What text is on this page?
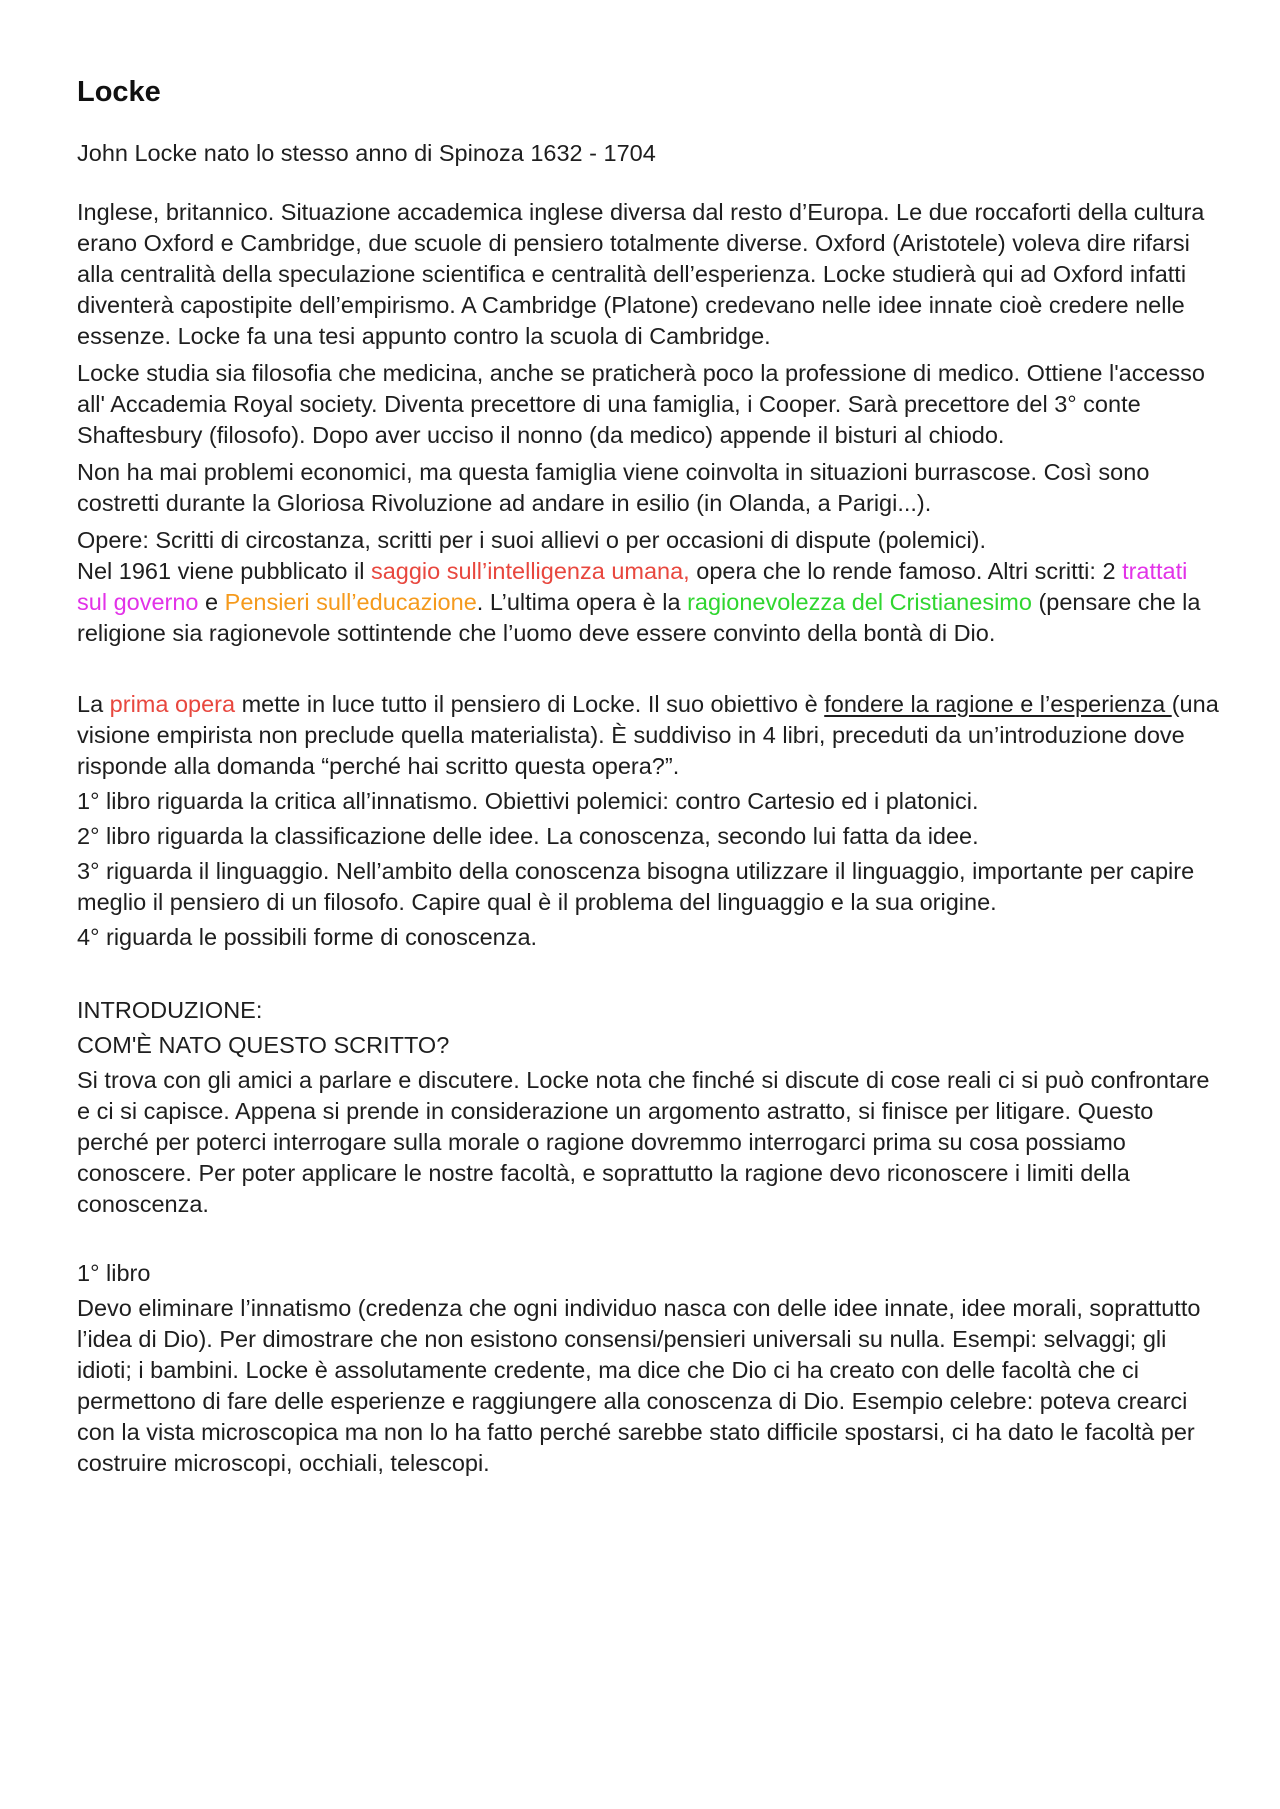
Locke

John Locke nato lo stesso anno di Spinoza 1632 - 1704

Inglese, britannico. Situazione accademica inglese diversa dal resto d’Europa. Le due roccaforti della cultura erano Oxford e Cambridge, due scuole di pensiero totalmente diverse. Oxford (Aristotele) voleva dire rifarsi alla centralità della speculazione scientifica e centralità dell’esperienza. Locke studierà qui ad Oxford infatti diventerà capostipite dell’empirismo. A Cambridge (Platone) credevano nelle idee innate cioè credere nelle essenze. Locke fa una tesi appunto contro la scuola di Cambridge.

Locke studia sia filosofia che medicina, anche se praticherà poco la professione di medico. Ottiene l'accesso all' Accademia Royal society. Diventa precettore di una famiglia, i Cooper. Sarà precettore del 3° conte Shaftesbury (filosofo). Dopo aver ucciso il nonno (da medico) appende il bisturi al chiodo.

Non ha mai problemi economici, ma questa famiglia viene coinvolta in situazioni burrascose. Così sono costretti durante la Gloriosa Rivoluzione ad andare in esilio (in Olanda, a Parigi...).

Opere: Scritti di circostanza, scritti per i suoi allievi o per occasioni di dispute (polemici).
Nel 1961 viene pubblicato il saggio sull’intelligenza umana, opera che lo rende famoso. Altri scritti: 2 trattati sul governo e Pensieri sull’educazione. L’ultima opera è la ragionevolezza del Cristianesimo (pensare che la religione sia ragionevole sottintende che l’uomo deve essere convinto della bontà di Dio.

La prima opera mette in luce tutto il pensiero di Locke. Il suo obiettivo è fondere la ragione e l’esperienza (una visione empirista non preclude quella materialista). È suddiviso in 4 libri, preceduti da un’introduzione dove risponde alla domanda “perché hai scritto questa opera?”.

1° libro riguarda la critica all’innatismo. Obiettivi polemici: contro Cartesio ed i platonici.

2° libro riguarda la classificazione delle idee. La conoscenza, secondo lui fatta da idee.

3° riguarda il linguaggio. Nell’ambito della conoscenza bisogna utilizzare il linguaggio, importante per capire meglio il pensiero di un filosofo. Capire qual è il problema del linguaggio e la sua origine.

4° riguarda le possibili forme di conoscenza.

INTRODUZIONE:

COM'È NATO QUESTO SCRITTO?

Si trova con gli amici a parlare e discutere. Locke nota che finché si discute di cose reali ci si può confrontare e ci si capisce. Appena si prende in considerazione un argomento astratto, si finisce per litigare. Questo perché per poterci interrogare sulla morale o ragione dovremmo interrogarci prima su cosa possiamo conoscere. Per poter applicare le nostre facoltà, e soprattutto la ragione devo riconoscere i limiti della conoscenza.

1° libro

Devo eliminare l’innatismo (credenza che ogni individuo nasca con delle idee innate, idee morali, soprattutto l’idea di Dio). Per dimostrare che non esistono consensi/pensieri universali su nulla. Esempi: selvaggi; gli idioti; i bambini. Locke è assolutamente credente, ma dice che Dio ci ha creato con delle facoltà che ci permettono di fare delle esperienze e raggiungere alla conoscenza di Dio. Esempio celebre: poteva crearci con la vista microscopica ma non lo ha fatto perché sarebbe stato difficile spostarsi, ci ha dato le facoltà per costruire microscopi, occhiali, telescopi.
